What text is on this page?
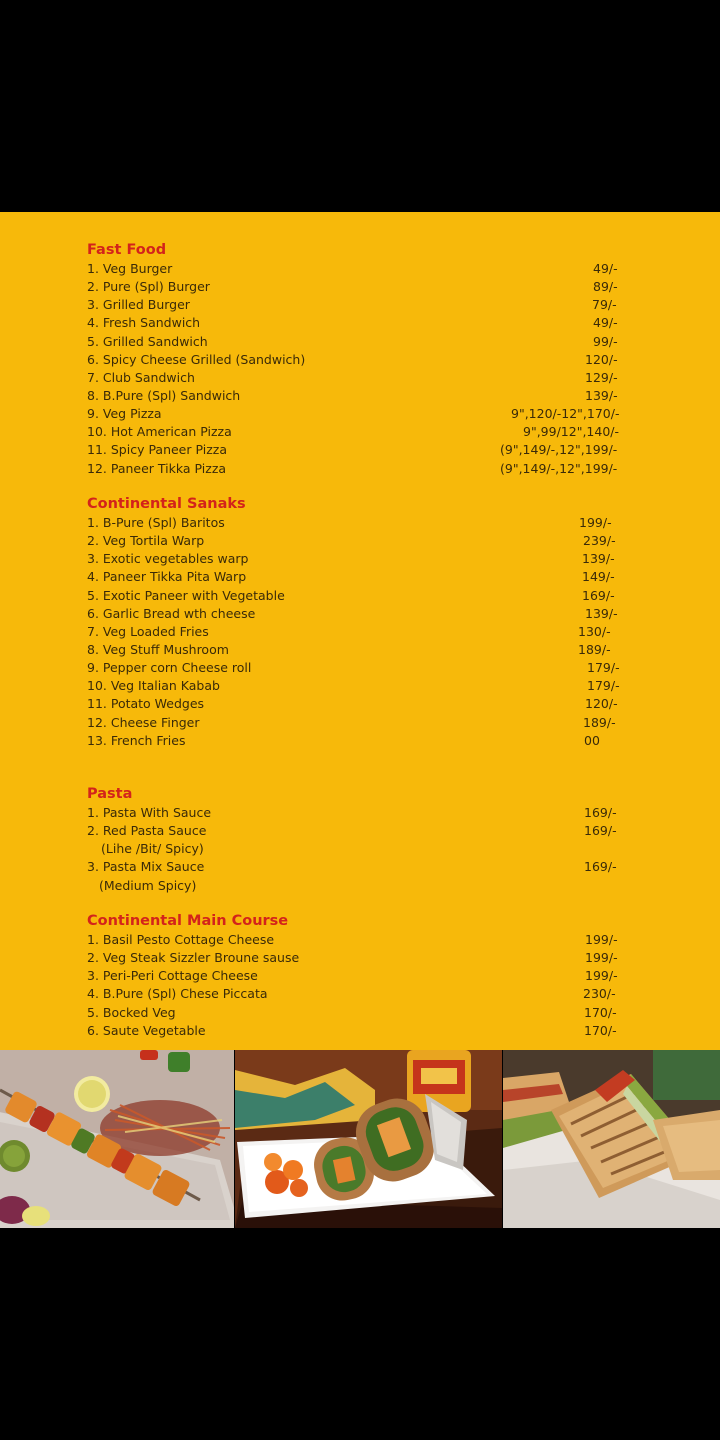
Fast Food
1. Veg Burger	49/-
2. Pure (Spl) Burger	89/-
3. Grilled Burger	79/-
4. Fresh Sandwich	49/-
5. Grilled Sandwich	99/-
6. Spicy Cheese Grilled (Sandwich)	120/-
7. Club Sandwich	129/-
8. B.Pure (Spl) Sandwich	139/-
9. Veg Pizza	9",120/-12",170/-
10. Hot American Pizza	9",99/12",140/-
11. Spicy Paneer Pizza	(9",149/-,12",199/-
12. Paneer Tikka Pizza	(9",149/-,12",199/-
Continental Sanaks
1. B-Pure (Spl) Baritos	199/-
2. Veg Tortila Warp	239/-
3. Exotic vegetables warp	139/-
4. Paneer Tikka Pita Warp	149/-
5. Exotic Paneer with Vegetable	169/-
6. Garlic Bread wth cheese	139/-
7. Veg Loaded Fries	130/-
8. Veg Stuff Mushroom	189/-
9. Pepper corn Cheese roll	179/-
10. Veg Italian Kabab	179/-
11. Potato Wedges	120/-
12. Cheese Finger	189/-
13. French Fries	00
Pasta
1. Pasta With Sauce	169/-
2. Red Pasta Sauce	169/-
(Lihe /Bit/ Spicy)
3. Pasta Mix Sauce	169/-
(Medium Spicy)
Continental Main Course
1. Basil Pesto Cottage Cheese	199/-
2. Veg Steak Sizzler Broune sause	199/-
3. Peri-Peri Cottage Cheese	199/-
4. B.Pure (Spl) Chese Piccata	230/-
5. Bocked Veg	170/-
6. Saute Vegetable	170/-
